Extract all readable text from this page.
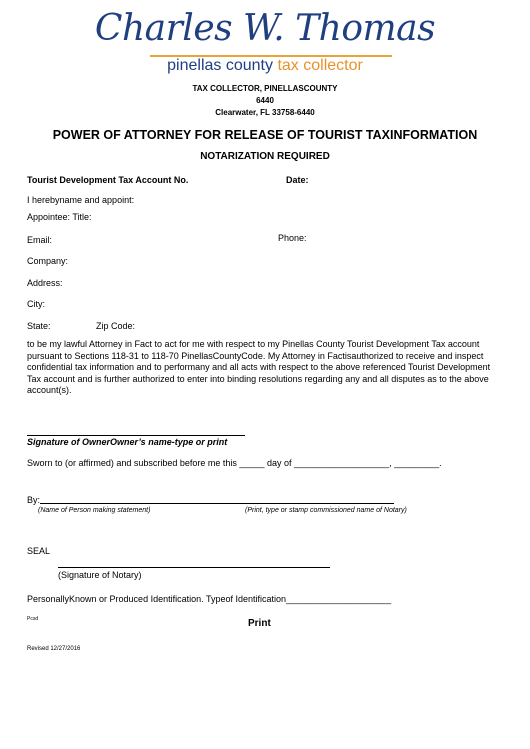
Charles W. Thomas
pinellas county tax collector
TAX COLLECTOR, PINELLASCOUNTY
6440
Clearwater, FL 33758-6440
POWER OF ATTORNEY FOR RELEASE OF TOURIST TAXINFORMATION
NOTARIZATION REQUIRED
Tourist Development Tax Account No.	Date:
I herebyname and appoint:
Appointee: Title:
Email:	Phone:
Company:
Address:
City:
State:	Zip Code:
to be my lawful Attorney in Fact to act for me with respect to my Pinellas County Tourist Development Tax account pursuant to Sections 118-31 to 118-70 PinellasCountyCode. My Attorney in Factisauthorized to receive and inspect confidential tax information and to performany and all acts with respect to the above referenced Tourist Development Tax account and is further authorized to enter into binding resolutions regarding any and all disputes as to the above account(s).
Signature of OwnerOwner’s name-type or print
Sworn to (or affirmed) and subscribed before me this _____ day of ___________________, _________.
By:
(Name of Person making statement)	(Print, type or stamp commissioned name of Notary)
SEAL
(Signature of Notary)
PersonallyKnown or Produced Identification. Typeof Identification_____________________
Pcsd	Print
Revised 12/27/2016
